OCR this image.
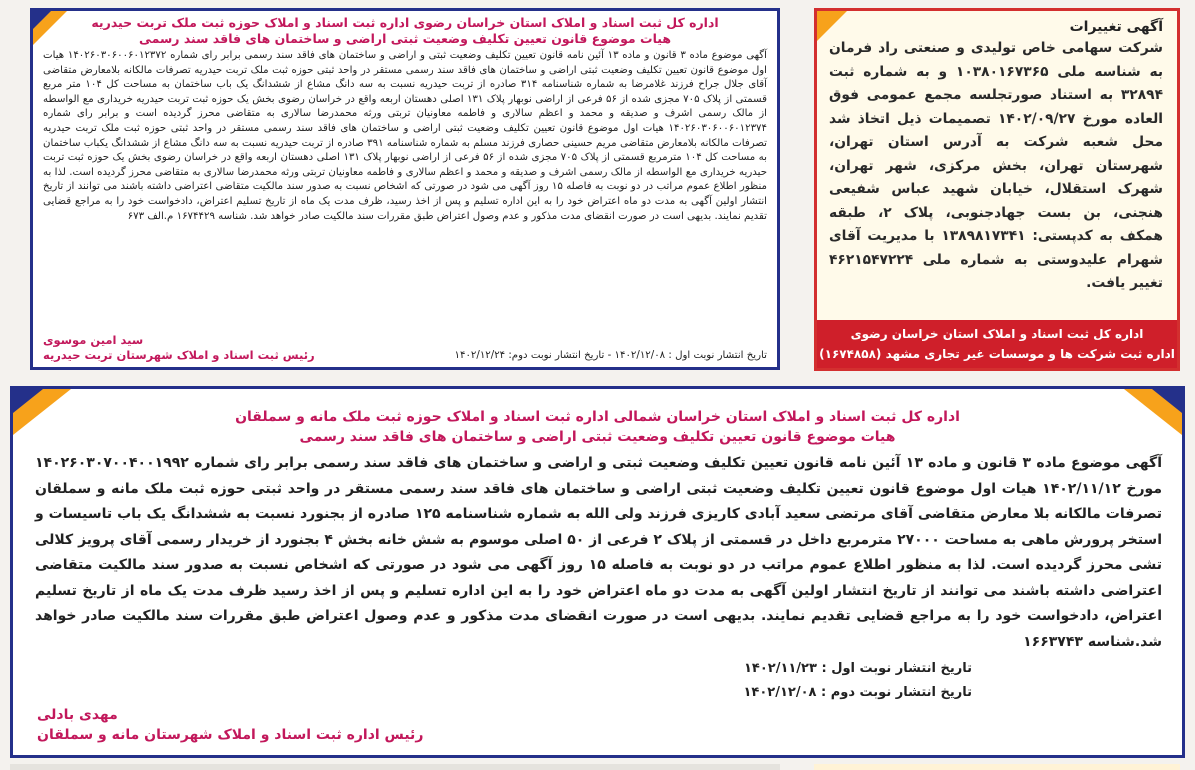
اداره کل ثبت اسناد و املاک استان خراسان رضوی اداره ثبت اسناد و املاک حوزه ثبت ملک تربت حیدریه
هیات موضوع قانون تعیین تکلیف وضعیت ثبتی اراضی و ساختمان های فاقد سند رسمی
آگهی موضوع ماده ۳ قانون و ماده ۱۳ آئین نامه قانون تعیین تکلیف وضعیت ثبتی و اراضی و ساختمان های فاقد سند رسمی برابر رای شماره ۱۴۰۲۶۰۳۰۶۰۰۶۰۱۲۳۷۲ هیات اول موضوع قانون تعیین تکلیف وضعیت ثبتی اراضی و ساختمان های فاقد سند رسمی مستقر در واحد ثبتی حوزه ثبت ملک تربت حیدریه تصرفات مالکانه بلامعارض متقاضی آقای جلال جراح فرزند غلامرضا به شماره شناسنامه ۳۱۴ صادره از تربت حیدریه نسبت به سه دانگ مشاع از ششدانگ یک باب ساختمان به مساحت کل ۱۰۴ متر مربع قسمتی از پلاک ۷۰۵ مجزی شده از ۵۶ فرعی از اراضی نوبهار پلاک ۱۳۱ اصلی دهستان اربعه واقع در خراسان رضوی بخش یک حوزه ثبت تربت حیدریه خریداری مع الواسطه از مالک رسمی اشرف و صدیقه و محمد و اعظم سالاری و فاطمه معاونیان تربتی ورثه محمدرضا سالاری به متقاضی محرز گردیده است و برابر رای شماره ۱۴۰۲۶۰۳۰۶۰۰۶۰۱۲۳۷۴ هیات اول موضوع قانون تعیین تکلیف وضعیت ثبتی اراضی و ساختمان های فاقد سند رسمی مستقر در واحد ثبتی حوزه ثبت ملک تربت حیدریه تصرفات مالکانه بلامعارض متقاضی مریم حسینی حصاری فرزند مسلم به شماره شناسنامه ۳۹۱ صادره از تربت حیدریه نسبت به سه دانگ مشاع از ششدانگ یکباب ساختمان به مساحت کل ۱۰۴ مترمربع قسمتی از پلاک ۷۰۵ مجزی شده از ۵۶ فرعی از اراضی نوبهار پلاک ۱۳۱ اصلی دهستان اربعه واقع در خراسان رضوی بخش یک حوزه ثبت تربت حیدریه خریداری مع الواسطه از مالک رسمی اشرف و صدیقه و محمد و اعظم سالاری و فاطمه معاونیان تربتی ورثه محمدرضا سالاری به متقاضی محرز گردیده است. لذا به منظور اطلاع عموم مراتب در دو نوبت به فاصله ۱۵ روز آگهی می شود در صورتی که اشخاص نسبت به صدور سند مالکیت متقاضی اعتراضی داشته باشند می توانند از تاریخ انتشار اولین آگهی به مدت دو ماه اعتراض خود را به این اداره تسلیم و پس از اخذ رسید، ظرف مدت یک ماه از تاریخ تسلیم اعتراض، دادخواست خود را به مراجع قضایی تقدیم نمایند. بدیهی است در صورت انقضای مدت مذکور و عدم وصول اعتراض طبق مقررات سند مالکیت صادر خواهد شد. شناسه ۱۶۷۴۴۲۹ م.الف ۶۷۳
تاریخ انتشار نوبت اول : ۱۴۰۲/۱۲/۰۸ - تاریخ انتشار نوبت دوم: ۱۴۰۲/۱۲/۲۴
سید امین موسوی
رئیس ثبت اسناد و املاک شهرستان تربت حیدریه
آگهی تغییرات
شرکت سهامی خاص تولیدی و صنعتی راد فرمان به شناسه ملی ۱۰۳۸۰۱۶۷۳۶۵ و به شماره ثبت ۳۲۸۹۴ به استناد صورتجلسه مجمع عمومی فوق العاده مورخ ۱۴۰۲/۰۹/۲۷ تصمیمات ذیل اتخاذ شد محل شعبه شرکت به آدرس استان تهران، شهرستان تهران، بخش مرکزی، شهر تهران، شهرک استقلال، خیابان شهید عباس شفیعی هنجنی، بن بست جهادجنوبی، پلاک ۲، طبقه همکف به کدپستی: ۱۳۸۹۸۱۷۳۴۱ با مدیریت آقای شهرام علیدوستی به شماره ملی ۴۶۲۱۵۴۷۲۲۴ تغییر یافت.
اداره کل ثبت اسناد و املاک استان خراسان رضوی
اداره ثبت شرکت ها و موسسات غیر تجاری مشهد (۱۶۷۴۸۵۸)
اداره کل ثبت اسناد و املاک استان خراسان شمالی اداره ثبت اسناد و املاک حوزه ثبت ملک مانه و سملقان
هیات موضوع قانون تعیین تکلیف وضعیت ثبتی اراضی و ساختمان های فاقد سند رسمی
آگهی موضوع ماده ۳ قانون و ماده ۱۳ آئین نامه قانون تعیین تکلیف وضعیت ثبتی و اراضی و ساختمان های فاقد سند رسمی برابر رای شماره ۱۴۰۲۶۰۳۰۷۰۰۴۰۰۱۹۹۲ مورخ ۱۴۰۲/۱۱/۱۲ هیات اول موضوع قانون تعیین تکلیف وضعیت ثبتی اراضی و ساختمان های فاقد سند رسمی مستقر در واحد ثبتی حوزه ثبت ملک مانه و سملقان تصرفات مالکانه بلا معارض متقاضی آقای مرتضی سعید آبادی کاریزی فرزند ولی الله به شماره شناسنامه ۱۲۵ صادره از بجنورد نسبت به ششدانگ یک باب تاسیسات و استخر پرورش ماهی به مساحت ۲۷۰۰۰ مترمربع داخل در قسمتی از پلاک ۲ فرعی از ۵۰ اصلی موسوم به شش خانه بخش ۴ بجنورد از خریدار رسمی آقای پرویز کلالی تشی محرز گردیده است. لذا به منظور اطلاع عموم مراتب در دو نوبت به فاصله ۱۵ روز آگهی می شود در صورتی که اشخاص نسبت به صدور سند مالکیت متقاضی اعتراضی داشته باشند می توانند از تاریخ انتشار اولین آگهی به مدت دو ماه اعتراض خود را به این اداره تسلیم و پس از اخذ رسید ظرف مدت یک ماه از تاریخ تسلیم اعتراض، دادخواست خود را به مراجع قضایی تقدیم نمایند. بدیهی است در صورت انقضای مدت مذکور و عدم وصول اعتراض طبق مقررات سند مالکیت صادر خواهد شد.شناسه ۱۶۶۳۷۴۳
تاریخ انتشار نوبت اول : ۱۴۰۲/۱۱/۲۳
تاریخ انتشار نوبت دوم : ۱۴۰۲/۱۲/۰۸
مهدی بادلی
رئیس اداره ثبت اسناد و املاک شهرستان مانه و سملقان
